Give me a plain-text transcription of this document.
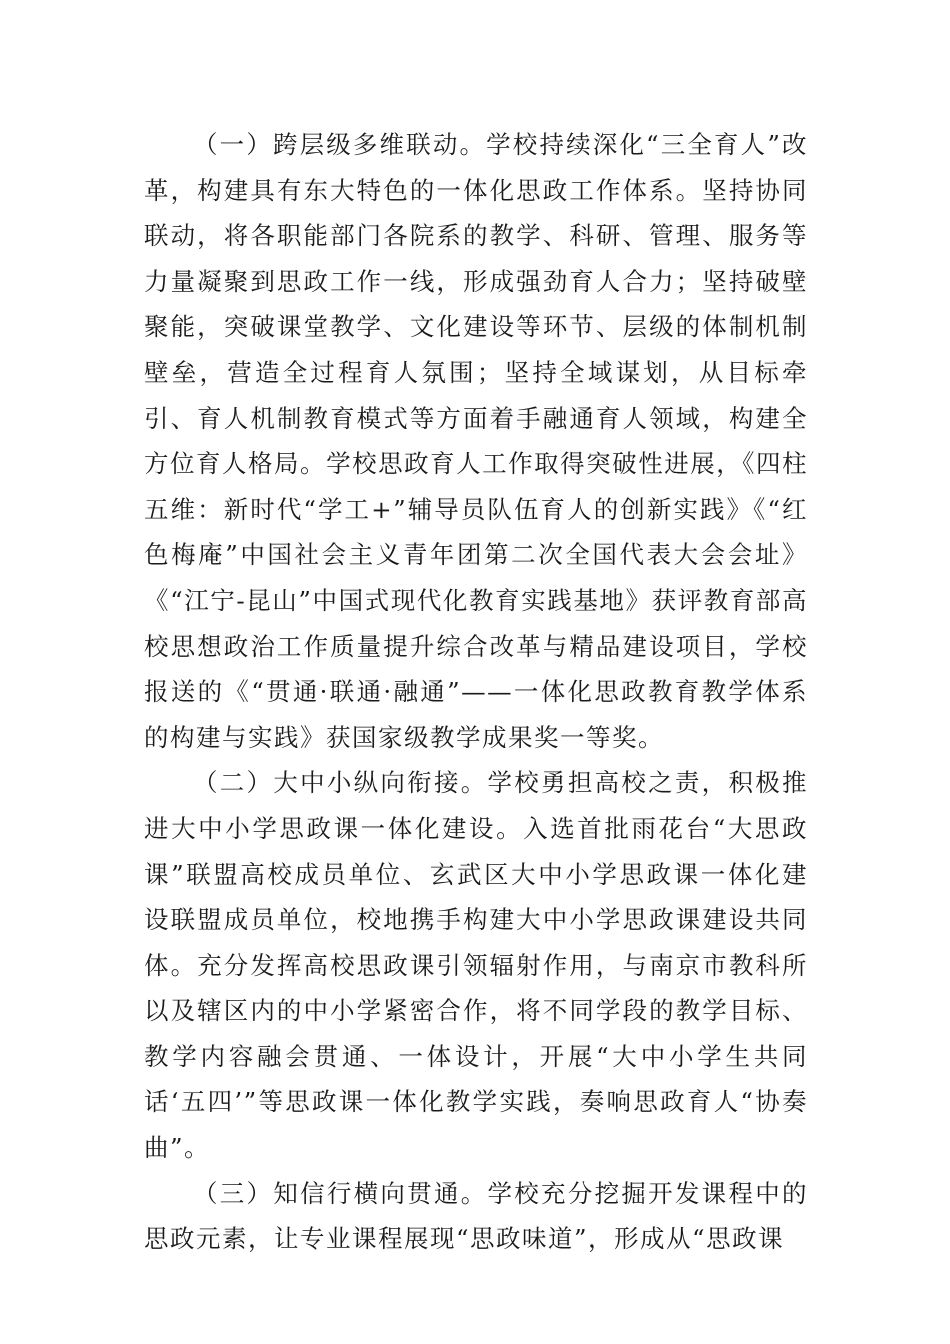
（一）跨层级多维联动。学校持续深化“三全育人”改革，构建具有东大特色的一体化思政工作体系。坚持协同联动，将各职能部门各院系的教学、科研、管理、服务等力量凝聚到思政工作一线，形成强劲育人合力；坚持破壁聚能，突破课堂教学、文化建设等环节、层级的体制机制壁垒，营造全过程育人氛围；坚持全域谋划，从目标牵引、育人机制教育模式等方面着手融通育人领域，构建全方位育人格局。学校思政育人工作取得突破性进展，《四柱五维：新时代“学工+”辅导员队伍育人的创新实践》《“红色梅庵”中国社会主义青年团第二次全国代表大会会址》《“江宁-昆山”中国式现代化教育实践基地》获评教育部高校思想政治工作质量提升综合改革与精品建设项目，学校报送的《“贯通·联通·融通”——一体化思政教育教学体系的构建与实践》获国家级教学成果奖一等奖。

（二）大中小纵向衔接。学校勇担高校之责，积极推进大中小学思政课一体化建设。入选首批雨花台“大思政课”联盟高校成员单位、玄武区大中小学思政课一体化建设联盟成员单位，校地携手构建大中小学思政课建设共同体。充分发挥高校思政课引领辐射作用，与南京市教科所以及辖区内的中小学紧密合作，将不同学段的教学目标、教学内容融会贯通、一体设计，开展“大中小学生共同话‘五四’”等思政课一体化教学实践，奏响思政育人“协奏曲”。

（三）知信行横向贯通。学校充分挖掘开发课程中的思政元素，让专业课程展现“思政味道”，形成从“思政课
